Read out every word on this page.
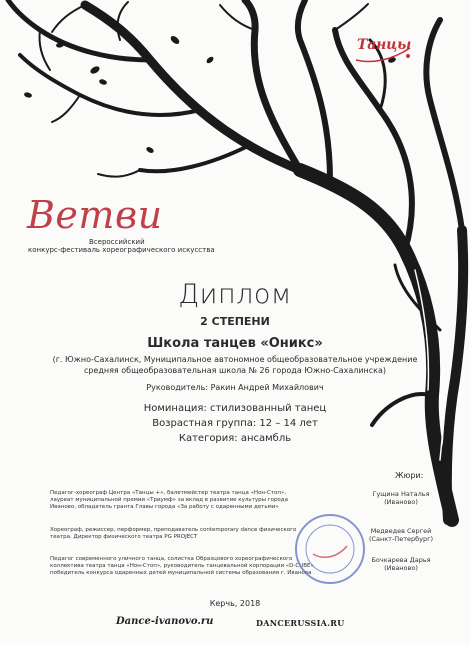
Танцы
Ветви
Всероссийский
конкурс-фестиваль хореографического искусства
Диплом
2 СТЕПЕНИ
Школа танцев «Оникс»
(г. Южно-Сахалинск, Муниципальное автономное общеобразовательное учреждение
средняя общеобразовательная школа № 26 города Южно-Сахалинска)
Руководитель: Ракин Андрей Михайлович
Номинация: стилизованный танец
Возрастная группа: 12 – 14 лет
Категория: ансамбль
Жюри:
Педагог-хореограф Центра «Танцы +», балетмейстер театра танца «Нон-Стоп», лауреат муниципальной премии «Триумф» за вклад в развитие культуры города Иваново, обладатель гранта Главы города «За работу с одаренными детьми»
Гущина Наталья
(Иваново)
Хореограф, режиссер, перформер, преподаватель contemporary dance физического театра. Директор физического театра PG PROJECT
Медведев Сергей
(Санкт-Петербург)
Педагог современного уличного танца, солистка Образцового хореографического коллектива театра танца «Нон-Стоп», руководитель танцевальной корпорации «D-CUBE» победитель конкурса одаренных детей муниципальной системы образования г. Иванова
Бочкарева Дарья
(Иваново)
Керчь, 2018
Dance-ivanovo.ru	DANCERUSSIA.RU
